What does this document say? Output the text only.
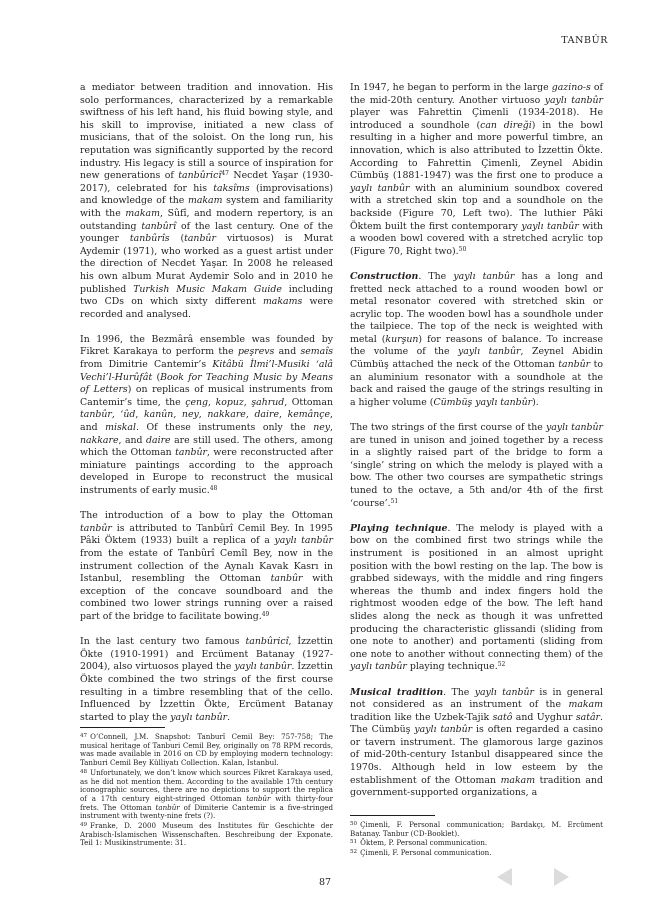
TANBÛR

a mediator between tradition and innovation. His solo performances, characterized by a remarkable swiftness of his left hand, his fluid bowing style, and his skill to improvise, initiated a new class of musicians, that of the soloist. On the long run, his reputation was significantly supported by the record industry. His legacy is still a source of inspiration for new generations of tanbûricî$^{47}$ Necdet Yaşar (1930-2017), celebrated for his taksîms (improvisations) and knowledge of the makam system and familiarity with the makam, Sûfî, and modern repertory, is an outstanding tanbûrî of the last century. One of the younger tanbûrîs (tanbûr virtuosos) is Murat Aydemir (1971), who worked as a guest artist under the direction of Necdet Yaşar. In 2008 he released his own album Murat Aydemir Solo and in 2010 he published Turkish Music Makam Guide including two CDs on which sixty different makams were recorded and analysed.

In 1996, the Bezmârâ ensemble was founded by Fikret Karakaya to perform the peşrevs and semaîs from Dimitrie Cantemir’s Kitâbü İlmi’l-Musiki ‘alâ Vechi’l-Hurûfât (Book for Teaching Music by Means of Letters) on replicas of musical instruments from Cantemir’s time, the çeng, kopuz, şahrud, Ottoman tanbûr, ‘ûd, kanûn, ney, nakkare, daire, kemânçe, and miskal. Of these instruments only the ney, nakkare, and daire are still used. The others, among which the Ottoman tanbûr, were reconstructed after miniature paintings according to the approach developed in Europe to reconstruct the musical instruments of early music.$^{48}$

The introduction of a bow to play the Ottoman tanbûr is attributed to Tanbûrî Cemil Bey. In 1995 Pâki Öktem (1933) built a replica of a yaylı tanbûr from the estate of Tanbûrî Cemîl Bey, now in the instrument collection of the Aynalı Kavak Kasrı in Istanbul, resembling the Ottoman tanbûr with exception of the concave soundboard and the combined two lower strings running over a raised part of the bridge to facilitate bowing.$^{49}$

In the last century two famous tanbûricî, İzzettin Ökte (1910-1991) and Ercüment Batanay (1927-2004), also virtuosos played the yaylı tanbûr. İzzettin Ökte combined the two strings of the first course resulting in a timbre resembling that of the cello. Influenced by İzzettin Ökte, Ercüment Batanay started to play the yaylı tanbûr.

In 1947, he began to perform in the large gazino-s of the mid-20th century. Another virtuoso yaylı tanbûr player was Fahrettin Çimenli (1934-2018). He introduced a soundhole (can direği) in the bowl resulting in a higher and more powerful timbre, an innovation, which is also attributed to İzzettin Ökte. According to Fahrettin Çimenli, Zeynel Abidin Cümbüş (1881-1947) was the first one to produce a yaylı tanbûr with an aluminium soundbox covered with a stretched skin top and a soundhole on the backside (Figure 70, Left two). The luthier Pâki Öktem built the first contemporary yaylı tanbûr with a wooden bowl covered with a stretched acrylic top (Figure 70, Right two).$^{50}$

Construction. The yaylı tanbûr has a long and fretted neck attached to a round wooden bowl or metal resonator covered with stretched skin or acrylic top. The wooden bowl has a soundhole under the tailpiece. The top of the neck is weighted with metal (kurşun) for reasons of balance. To increase the volume of the yaylı tanbûr, Zeynel Abidin Cümbüş attached the neck of the Ottoman tanbûr to an aluminium resonator with a soundhole at the back and raised the gauge of the strings resulting in a higher volume (Cümbüş yaylı tanbûr).

The two strings of the first course of the yaylı tanbûr are tuned in unison and joined together by a recess in a slightly raised part of the bridge to form a ‘single’ string on which the melody is played with a bow. The other two courses are sympathetic strings tuned to the octave, a 5th and/or 4th of the first ‘course’.$^{51}$

Playing technique. The melody is played with a bow on the combined first two strings while the instrument is positioned in an almost upright position with the bowl resting on the lap. The bow is grabbed sideways, with the middle and ring fingers whereas the thumb and index fingers hold the rightmost wooden edge of the bow. The left hand slides along the neck as though it was unfretted producing the characteristic glissandi (sliding from one note to another) and portamenti (sliding from one note to another without connecting them) of the yaylı tanbûr playing technique.$^{52}$

Musical tradition. The yaylı tanbûr is in general not considered as an instrument of the makam tradition like the Uzbek-Tajik satô and Uyghur satâr. The Cümbüş yaylı tanbûr is often regarded a casino or tavern instrument. The glamorous large gazinos of mid-20th-century Istanbul disappeared since the 1970s. Although held in low esteem by the establishment of the Ottoman makam tradition and government-supported organizations, a

$^{47}$ O’Connell, J.M. Snapshot: Tanburî Cemil Bey: 757-758; The musical heritage of Tanburi Cemil Bey, originally on 78 RPM records, was made available in 2016 on CD by employing modern technology: Tanburi Cemil Bey Külliyatı Collection. Kalan, Istanbul.

$^{48}$ Unfortunately, we don’t know which sources Fikret Karakaya used, as he did not mention them. According to the available 17th century iconographic sources, there are no depictions to support the replica of a 17th century eight-stringed Ottoman tanbûr with thirty-four frets. The Ottoman tanbûr of Dimiterie Cantemir is a five-stringed instrument with twenty-nine frets (?).

$^{49}$ Franke, D. 2000 Museum des Institutes für Geschichte der Arabisch-Islamischen Wissenschaften. Beschreibung der Exponate. Teil 1: Musikinstrumente: 31.

$^{50}$ Çimenli, F. Personal communication; Bardakçı, M. Ercüment Batanay. Tanbur (CD-Booklet).

$^{51}$ Öktem, P. Personal communication.

$^{52}$ Çimenli, F. Personal communication.

87
